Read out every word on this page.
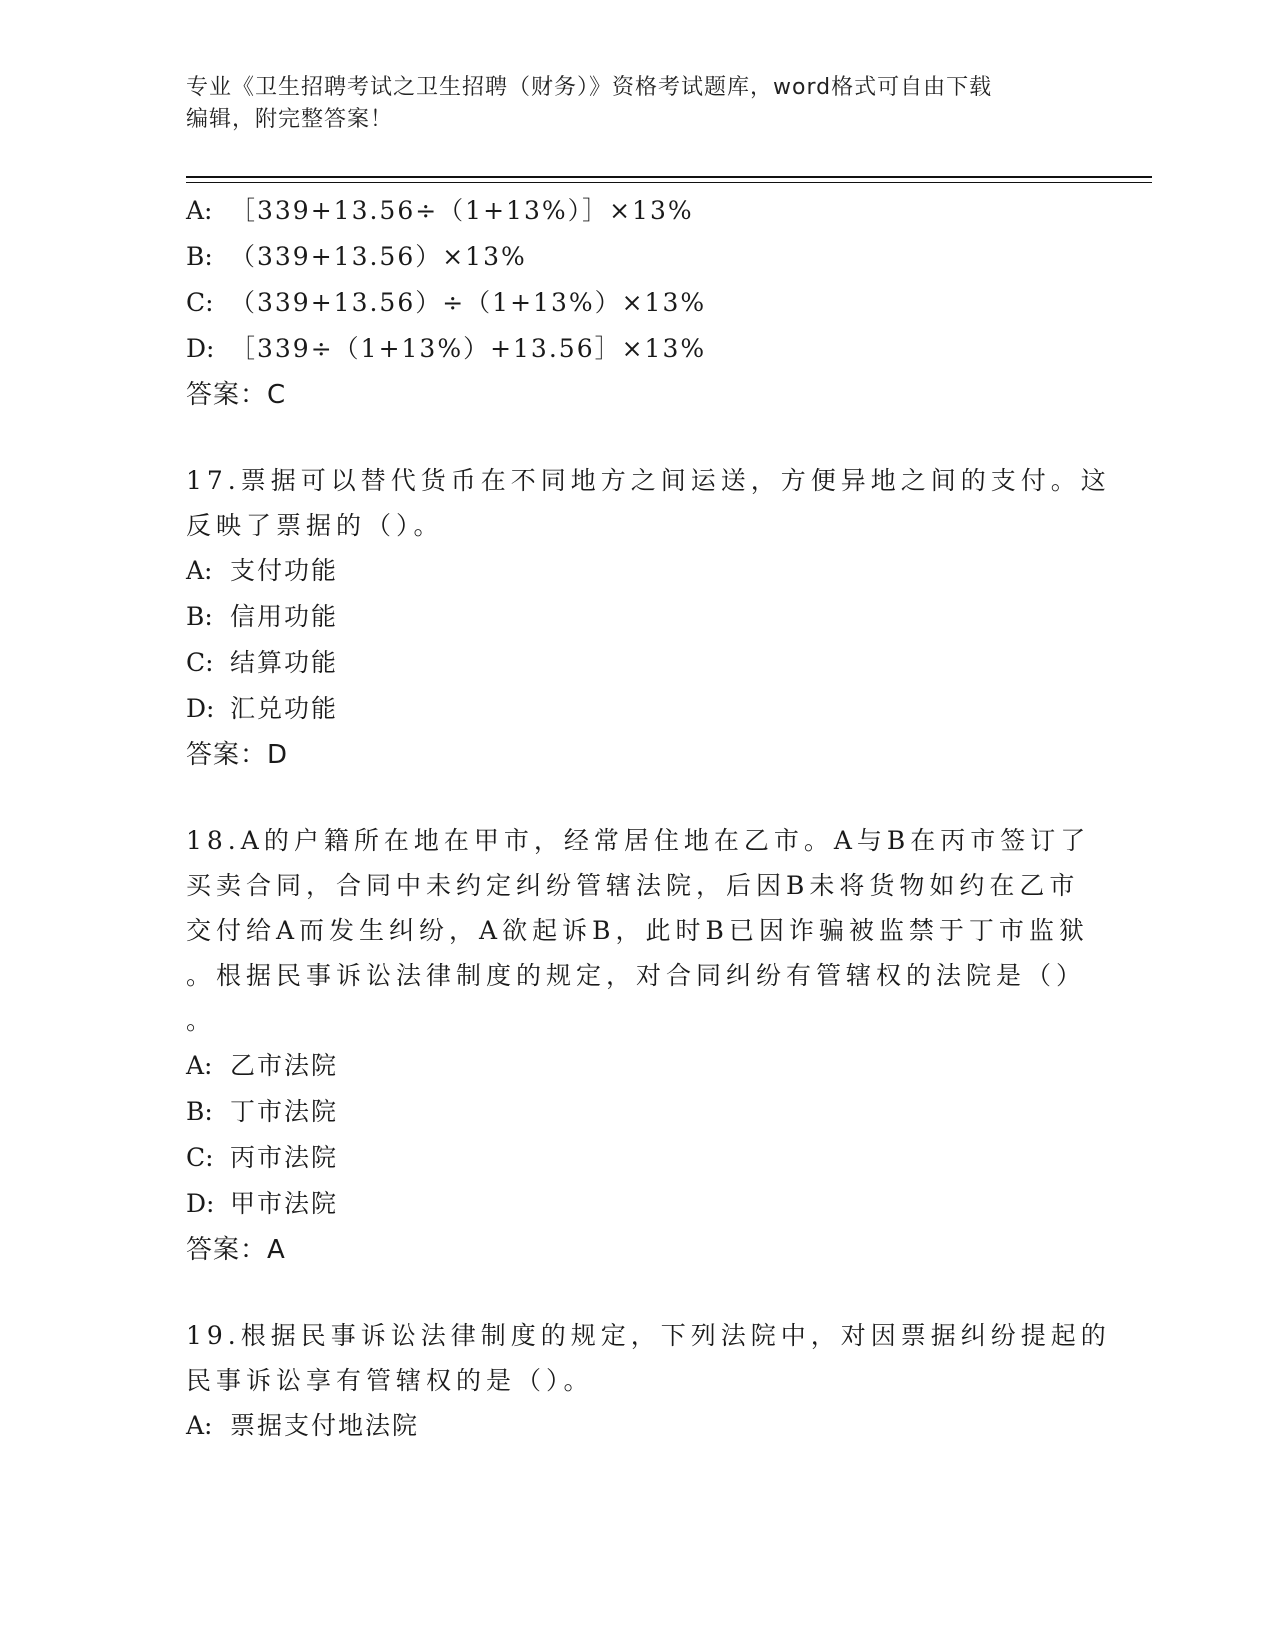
专业《卫生招聘考试之卫生招聘（财务）》资格考试题库，word格式可自由下载
编辑，附完整答案！
A: ［339+13.56÷（1+13%）］×13%
B: （339+13.56）×13%
C: （339+13.56）÷（1+13%）×13%
D: ［339÷（1+13%）+13.56］×13%
答案：C
17.票据可以替代货币在不同地方之间运送，方便异地之间的支付。这
反映了票据的（）。
A: 支付功能
B: 信用功能
C: 结算功能
D: 汇兑功能
答案：D
18.A的户籍所在地在甲市，经常居住地在乙市。A与B在丙市签订了
买卖合同，合同中未约定纠纷管辖法院，后因B未将货物如约在乙市
交付给A而发生纠纷，A欲起诉B，此时B已因诈骗被监禁于丁市监狱
。根据民事诉讼法律制度的规定，对合同纠纷有管辖权的法院是（）
。
A: 乙市法院
B: 丁市法院
C: 丙市法院
D: 甲市法院
答案：A
19.根据民事诉讼法律制度的规定，下列法院中，对因票据纠纷提起的
民事诉讼享有管辖权的是（）。
A: 票据支付地法院
